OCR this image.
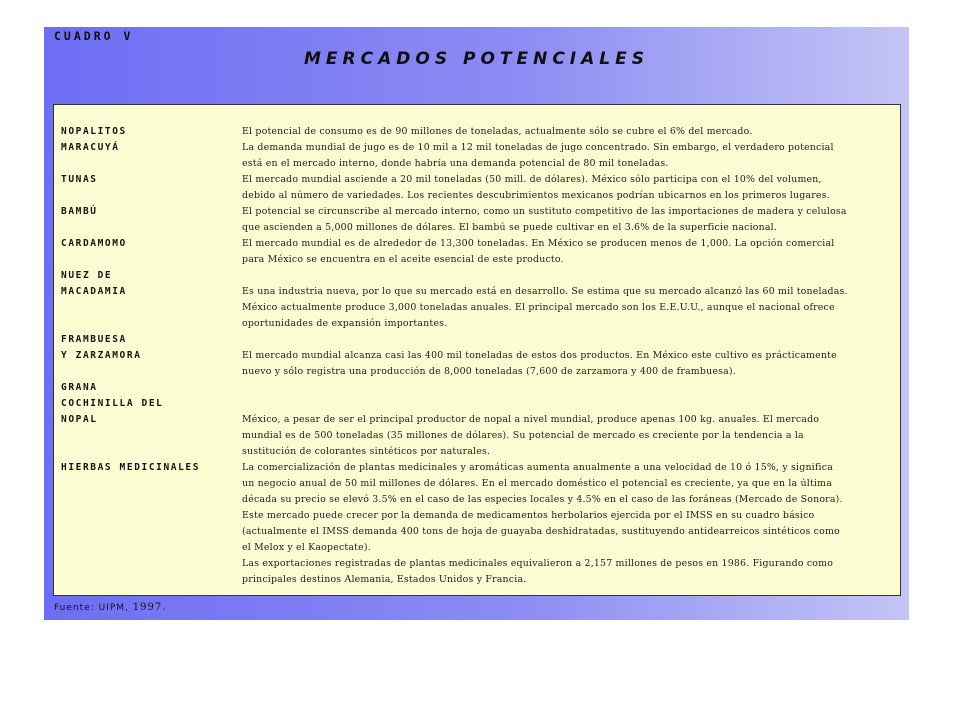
CUADRO V
MERCADOS POTENCIALES
NOPALITOS	El potencial de consumo es de 90 millones de toneladas, actualmente sólo se cubre el 6% del mercado.
MARACUYÁ	La demanda mundial de jugo es de 10 mil a 12 mil toneladas de jugo concentrado. Sin embargo, el verdadero potencial
está en el mercado interno, donde habría una demanda potencial de 80 mil toneladas.
TUNAS	El mercado mundial asciende a 20 mil toneladas (50 mill. de dólares). México sólo participa con el 10% del volumen,
debido al número de variedades. Los recientes descubrimientos mexicanos podrían ubicarnos en los primeros lugares.
BAMBÚ	El potencial se circunscribe al mercado interno, como un sustituto competitivo de las importaciones de madera y celulosa
que ascienden a 5,000 millones de dólares. El bambú se puede cultivar en el 3.6% de la superficie nacional.
CARDAMOMO	El mercado mundial es de alrededor de 13,300 toneladas. En México se producen menos de 1,000. La opción comercial
para México se encuentra en el aceite esencial de este producto.
NUEZ DE
MACADAMIA	Es una industria nueva, por lo que su mercado está en desarrollo. Se estima que su mercado alcanzó las 60 mil toneladas.
México actualmente produce 3,000 toneladas anuales. El principal mercado son los E.E.U.U., aunque el nacional ofrece
oportunidades de expansión importantes.
FRAMBUESA
Y ZARZAMORA	El mercado mundial alcanza casi las 400 mil toneladas de estos dos productos. En México este cultivo es prácticamente
nuevo y sólo registra una producción de 8,000 toneladas (7,600 de zarzamora y 400 de frambuesa).
GRANA
COCHINILLA DEL
NOPAL	México, a pesar de ser el principal productor de nopal a nivel mundial, produce apenas 100 kg. anuales. El mercado
mundial es de 500 toneladas (35 millones de dólares). Su potencial de mercado es creciente por la tendencia a la
sustitución de colorantes sintéticos por naturales.
HIERBAS MEDICINALES	La comercialización de plantas medicinales y aromáticas aumenta anualmente a una velocidad de 10 ó 15%, y significa
un negocio anual de 50 mil millones de dólares. En el mercado doméstico el potencial es creciente, ya que en la última
década su precio se elevó 3.5% en el caso de las especies locales y 4.5% en el caso de las foráneas (Mercado de Sonora).
Este mercado puede crecer por la demanda de medicamentos herbolarios ejercida por el IMSS en su cuadro básico
(actualmente el IMSS demanda 400 tons de hoja de guayaba deshidratadas, sustituyendo antidearreicos sintéticos como
el Melox y el Kaopectate).
Las exportaciones registradas de plantas medicinales equivalieron a 2,157 millones de pesos en 1986. Figurando como
principales destinos Alemania, Estados Unidos y Francia.
Fuente: UIPM, 1997.
